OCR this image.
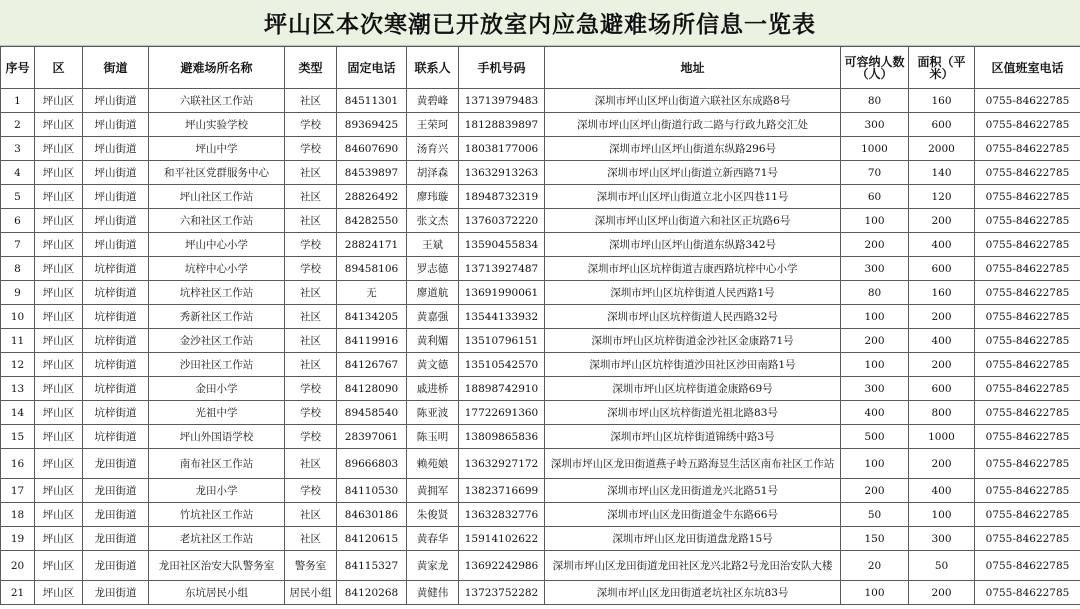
坪山区本次寒潮已开放室内应急避难场所信息一览表
序号	区	街道	避难场所名称	类型	固定电话	联系人	手机号码	地址	可容纳人数（人）	面积（平米）	区值班室电话
1	坪山区	坪山街道	六联社区工作站	社区	84511301	黄碧峰	13713979483	深圳市坪山区坪山街道六联社区东成路8号	80	160	0755-84622785
2	坪山区	坪山街道	坪山实验学校	学校	89369425	王荣珂	18128839897	深圳市坪山区坪山街道行政二路与行政九路交汇处	300	600	0755-84622785
3	坪山区	坪山街道	坪山中学	学校	84607690	汤育兴	18038177006	深圳市坪山区坪山街道东纵路296号	1000	2000	0755-84622785
4	坪山区	坪山街道	和平社区党群服务中心	社区	84539897	胡泽森	13632913263	深圳市坪山区坪山街道立新西路71号	70	140	0755-84622785
5	坪山区	坪山街道	坪山社区工作站	社区	28826492	廖玮璇	18948732319	深圳市坪山区坪山街道立北小区四巷11号	60	120	0755-84622785
6	坪山区	坪山街道	六和社区工作站	社区	84282550	张文杰	13760372220	深圳市坪山区坪山街道六和社区正坑路6号	100	200	0755-84622785
7	坪山区	坪山街道	坪山中心小学	学校	28824171	王斌	13590455834	深圳市坪山区坪山街道东纵路342号	200	400	0755-84622785
8	坪山区	坑梓街道	坑梓中心小学	学校	89458106	罗志德	13713927487	深圳市坪山区坑梓街道吉康西路坑梓中心小学	300	600	0755-84622785
9	坪山区	坑梓街道	坑梓社区工作站	社区	无	廖道航	13691990061	深圳市坪山区坑梓街道人民西路1号	80	160	0755-84622785
10	坪山区	坑梓街道	秀新社区工作站	社区	84134205	黄嘉强	13544133932	深圳市坪山区坑梓街道人民西路32号	100	200	0755-84622785
11	坪山区	坑梓街道	金沙社区工作站	社区	84119916	黄利媚	13510796151	深圳市坪山区坑梓街道金沙社区金康路71号	200	400	0755-84622785
12	坪山区	坑梓街道	沙田社区工作站	社区	84126767	黄文德	13510542570	深圳市坪山区坑梓街道沙田社区沙田南路1号	100	200	0755-84622785
13	坪山区	坑梓街道	金田小学	学校	84128090	戚进桥	18898742910	深圳市坪山区坑梓街道金康路69号	300	600	0755-84622785
14	坪山区	坑梓街道	光祖中学	学校	89458540	陈亚波	17722691360	深圳市坪山区坑梓街道光祖北路83号	400	800	0755-84622785
15	坪山区	坑梓街道	坪山外国语学校	学校	28397061	陈玉明	13809865836	深圳市坪山区坑梓街道锦绣中路3号	500	1000	0755-84622785
16	坪山区	龙田街道	南布社区工作站	社区	89666803	赖苑娘	13632927172	深圳市坪山区龙田街道燕子岭五路海昱生活区南布社区工作站	100	200	0755-84622785
17	坪山区	龙田街道	龙田小学	学校	84110530	黄拥军	13823716699	深圳市坪山区龙田街道龙兴北路51号	200	400	0755-84622785
18	坪山区	龙田街道	竹坑社区工作站	社区	84630186	朱俊贤	13632832776	深圳市坪山区龙田街道金牛东路66号	50	100	0755-84622785
19	坪山区	龙田街道	老坑社区工作站	社区	84120615	黄春华	15914102622	深圳市坪山区龙田街道盘龙路15号	150	300	0755-84622785
20	坪山区	龙田街道	龙田社区治安大队警务室	警务室	84115327	黄家龙	13692242986	深圳市坪山区龙田街道龙田社区龙兴北路2号龙田治安队大楼	20	50	0755-84622785
21	坪山区	龙田街道	东坑居民小组	居民小组	84120268	黄健伟	13723752282	深圳市坪山区龙田街道老坑社区东坑83号	100	200	0755-84622785
